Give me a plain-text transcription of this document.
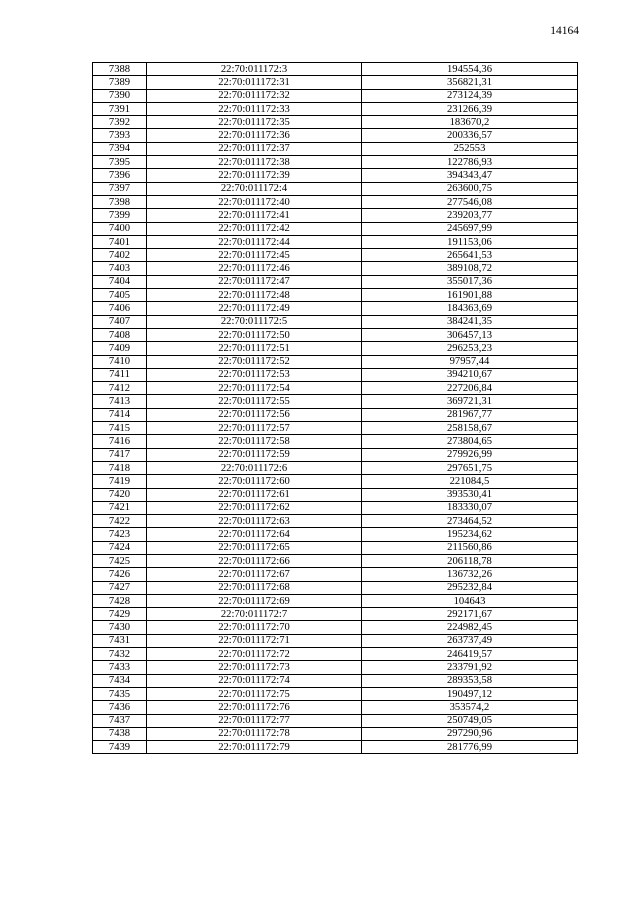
14164
7388	22:70:011172:3	194554,36
7389	22:70:011172:31	356821,31
7390	22:70:011172:32	273124,39
7391	22:70:011172:33	231266,39
7392	22:70:011172:35	183670,2
7393	22:70:011172:36	200336,57
7394	22:70:011172:37	252553
7395	22:70:011172:38	122786,93
7396	22:70:011172:39	394343,47
7397	22:70:011172:4	263600,75
7398	22:70:011172:40	277546,08
7399	22:70:011172:41	239203,77
7400	22:70:011172:42	245697,99
7401	22:70:011172:44	191153,06
7402	22:70:011172:45	265641,53
7403	22:70:011172:46	389108,72
7404	22:70:011172:47	355017,36
7405	22:70:011172:48	161901,88
7406	22:70:011172:49	184363,69
7407	22:70:011172:5	384241,35
7408	22:70:011172:50	306457,13
7409	22:70:011172:51	296253,23
7410	22:70:011172:52	97957,44
7411	22:70:011172:53	394210,67
7412	22:70:011172:54	227206,84
7413	22:70:011172:55	369721,31
7414	22:70:011172:56	281967,77
7415	22:70:011172:57	258158,67
7416	22:70:011172:58	273804,65
7417	22:70:011172:59	279926,99
7418	22:70:011172:6	297651,75
7419	22:70:011172:60	221084,5
7420	22:70:011172:61	393530,41
7421	22:70:011172:62	183330,07
7422	22:70:011172:63	273464,52
7423	22:70:011172:64	195234,62
7424	22:70:011172:65	211560,86
7425	22:70:011172:66	206118,78
7426	22:70:011172:67	136732,26
7427	22:70:011172:68	295232,84
7428	22:70:011172:69	104643
7429	22:70:011172:7	292171,67
7430	22:70:011172:70	224982,45
7431	22:70:011172:71	263737,49
7432	22:70:011172:72	246419,57
7433	22:70:011172:73	233791,92
7434	22:70:011172:74	289353,58
7435	22:70:011172:75	190497,12
7436	22:70:011172:76	353574,2
7437	22:70:011172:77	250749,05
7438	22:70:011172:78	297290,96
7439	22:70:011172:79	281776,99
